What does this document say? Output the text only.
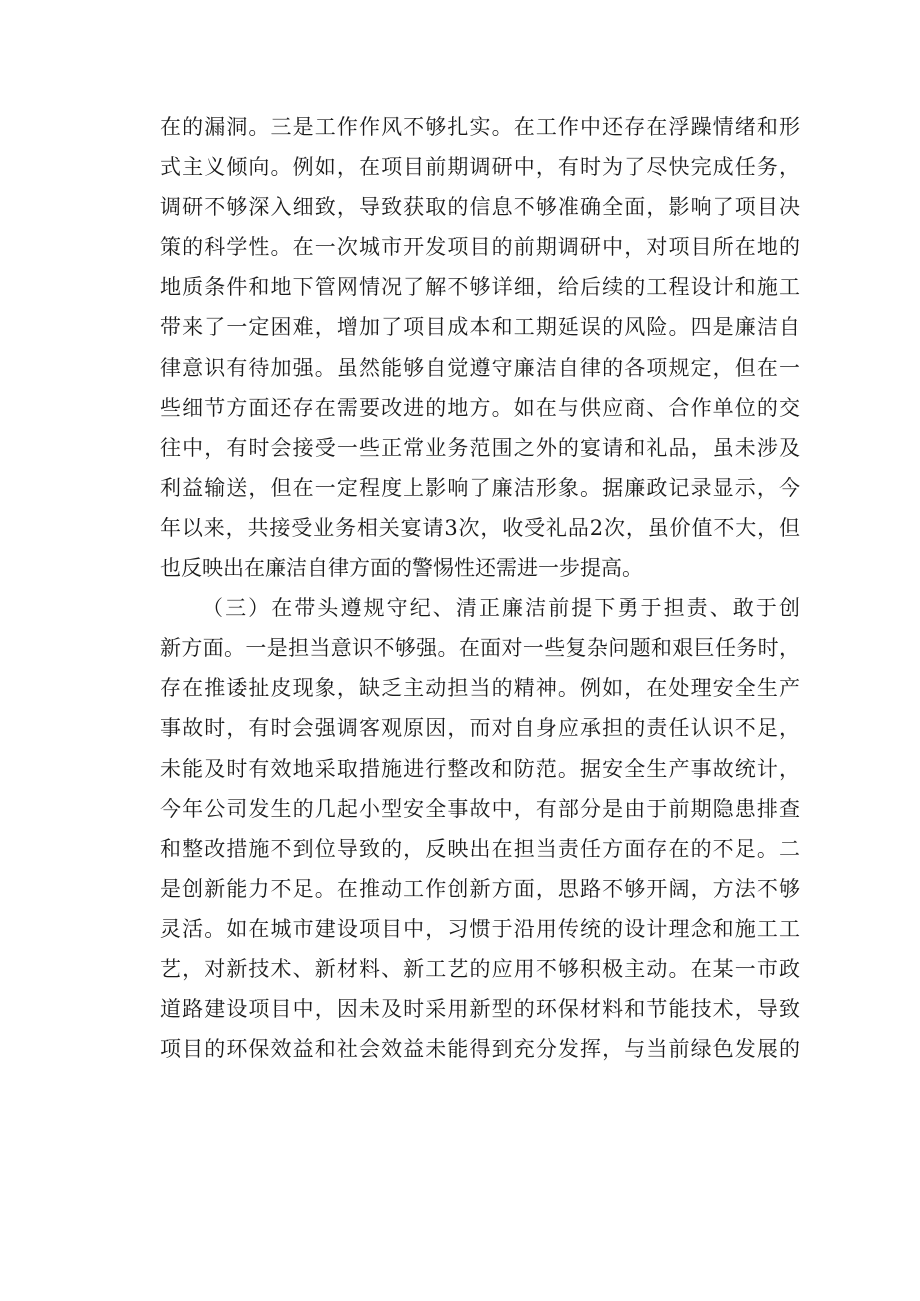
在的漏洞。三是工作作风不够扎实。在工作中还存在浮躁情绪和形
式主义倾向。例如，在项目前期调研中，有时为了尽快完成任务，
调研不够深入细致，导致获取的信息不够准确全面，影响了项目决
策的科学性。在一次城市开发项目的前期调研中，对项目所在地的
地质条件和地下管网情况了解不够详细，给后续的工程设计和施工
带来了一定困难，增加了项目成本和工期延误的风险。四是廉洁自
律意识有待加强。虽然能够自觉遵守廉洁自律的各项规定，但在一
些细节方面还存在需要改进的地方。如在与供应商、合作单位的交
往中，有时会接受一些正常业务范围之外的宴请和礼品，虽未涉及
利益输送，但在一定程度上影响了廉洁形象。据廉政记录显示，今
年以来，共接受业务相关宴请3次，收受礼品2次，虽价值不大，但
也反映出在廉洁自律方面的警惕性还需进一步提高。
（三）在带头遵规守纪、清正廉洁前提下勇于担责、敢于创
新方面。一是担当意识不够强。在面对一些复杂问题和艰巨任务时，
存在推诿扯皮现象，缺乏主动担当的精神。例如，在处理安全生产
事故时，有时会强调客观原因，而对自身应承担的责任认识不足，
未能及时有效地采取措施进行整改和防范。据安全生产事故统计，
今年公司发生的几起小型安全事故中，有部分是由于前期隐患排查
和整改措施不到位导致的，反映出在担当责任方面存在的不足。二
是创新能力不足。在推动工作创新方面，思路不够开阔，方法不够
灵活。如在城市建设项目中，习惯于沿用传统的设计理念和施工工
艺，对新技术、新材料、新工艺的应用不够积极主动。在某一市政
道路建设项目中，因未及时采用新型的环保材料和节能技术，导致
项目的环保效益和社会效益未能得到充分发挥，与当前绿色发展的
